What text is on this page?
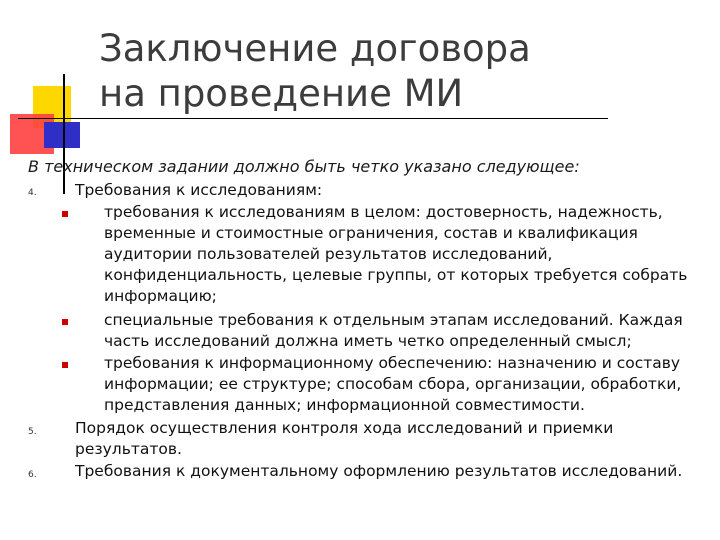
Заключение договора
на проведение МИ
В техническом задании должно быть четко указано следующее:
4. Требования к исследованиям:
требования к исследованиям в целом: достоверность, надежность,
временные и стоимостные ограничения, состав и квалификация
аудитории пользователей результатов исследований,
конфиденциальность, целевые группы, от которых требуется собрать
информацию;
специальные требования к отдельным этапам исследований. Каждая
часть исследований должна иметь четко определенный смысл;
требования к информационному обеспечению: назначению и составу
информации; ее структуре; способам сбора, организации, обработки,
представления данных; информационной совместимости.
5. Порядок осуществления контроля хода исследований и приемки
результатов.
6. Требования к документальному оформлению результатов исследований.
